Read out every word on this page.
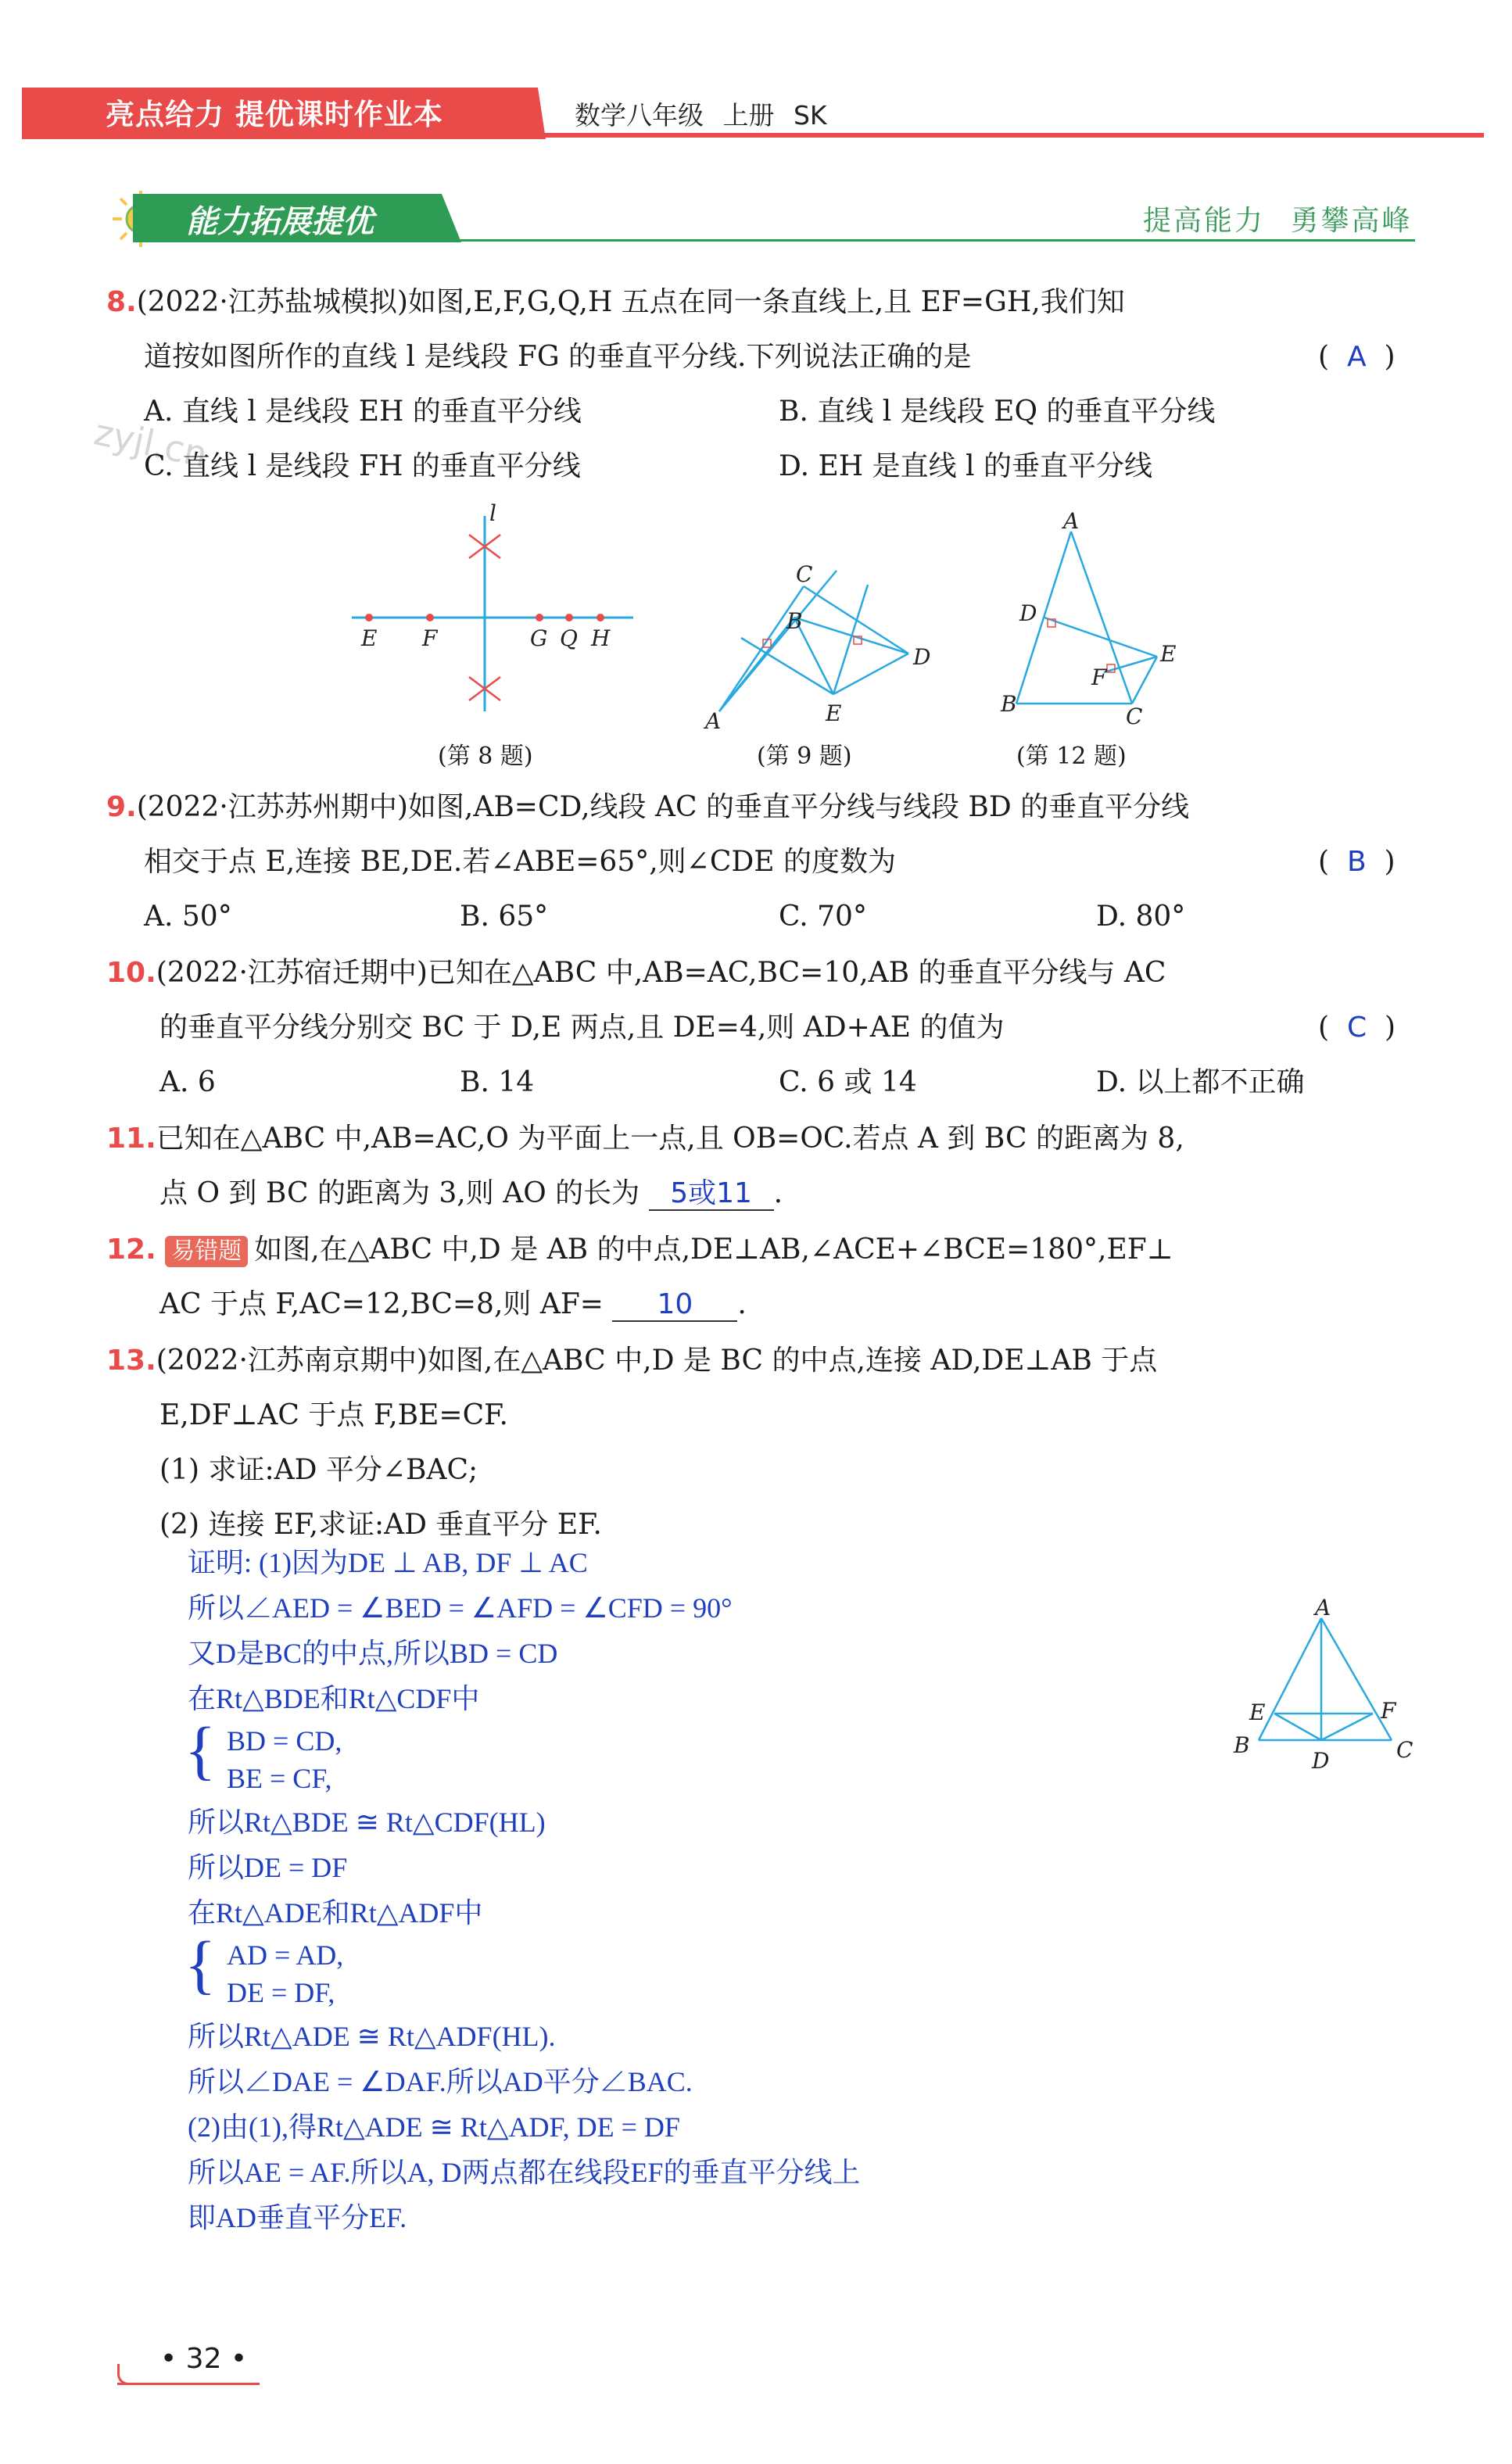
亮点给力 提优课时作业本	数学八年级 上册 SK
能力拓展提优	提高能力 勇攀高峰
zyjl.cn
8.(2022·江苏盐城模拟)如图,E,F,G,Q,H 五点在同一条直线上,且 EF=GH,我们知
道按如图所作的直线 l 是线段 FG 的垂直平分线.下列说法正确的是	(  A  )
A. 直线 l 是线段 EH 的垂直平分线	B. 直线 l 是线段 EQ 的垂直平分线
C. 直线 l 是线段 FH 的垂直平分线	D. EH 是直线 l 的垂直平分线
l
E F	G Q H
(第 8 题)
A
B
C
D
E
(第 9 题)
A
B	C
D
E
F
(第 12 题)
9.(2022·江苏苏州期中)如图,AB=CD,线段 AC 的垂直平分线与线段 BD 的垂直平分线
相交于点 E,连接 BE,DE.若∠ABE=65°,则∠CDE 的度数为	(  B  )
A. 50°	B. 65°	C. 70°	D. 80°
10.(2022·江苏宿迁期中)已知在△ABC 中,AB=AC,BC=10,AB 的垂直平分线与 AC
的垂直平分线分别交 BC 于 D,E 两点,且 DE=4,则 AD+AE 的值为	(  C  )
A. 6	B. 14	C. 6 或 14	D. 以上都不正确
11.已知在△ABC 中,AB=AC,O 为平面上一点,且 OB=OC.若点 A 到 BC 的距离为 8,
点 O 到 BC 的距离为 3,则 AO 的长为 5或11 .
12. 易错题 如图,在△ABC 中,D 是 AB 的中点,DE⊥AB,∠ACE+∠BCE=180°,EF⊥
AC 于点 F,AC=12,BC=8,则 AF= 10 .
13.(2022·江苏南京期中)如图,在△ABC 中,D 是 BC 的中点,连接 AD,DE⊥AB 于点
E,DF⊥AC 于点 F,BE=CF.
(1) 求证:AD 平分∠BAC;
(2) 连接 EF,求证:AD 垂直平分 EF.
证明: (1)因为DE ⊥ AB, DF ⊥ AC
所以∠AED = ∠BED = ∠AFD = ∠CFD = 90°
又D是BC的中点,所以BD = CD
在Rt△BDE和Rt△CDF中
{ BD = CD,
BE = CF,
所以Rt△BDE ≅ Rt△CDF(HL)
所以DE = DF
在Rt△ADE和Rt△ADF中
{ AD = AD,
DE = DF,
所以Rt△ADE ≅ Rt△ADF(HL).
所以∠DAE = ∠DAF.所以AD平分∠BAC.
(2)由(1),得Rt△ADE ≅ Rt△ADF, DE = DF
所以AE = AF.所以A, D两点都在线段EF的垂直平分线上
即AD垂直平分EF.
A
B	C
D
E	F
• 32 •
